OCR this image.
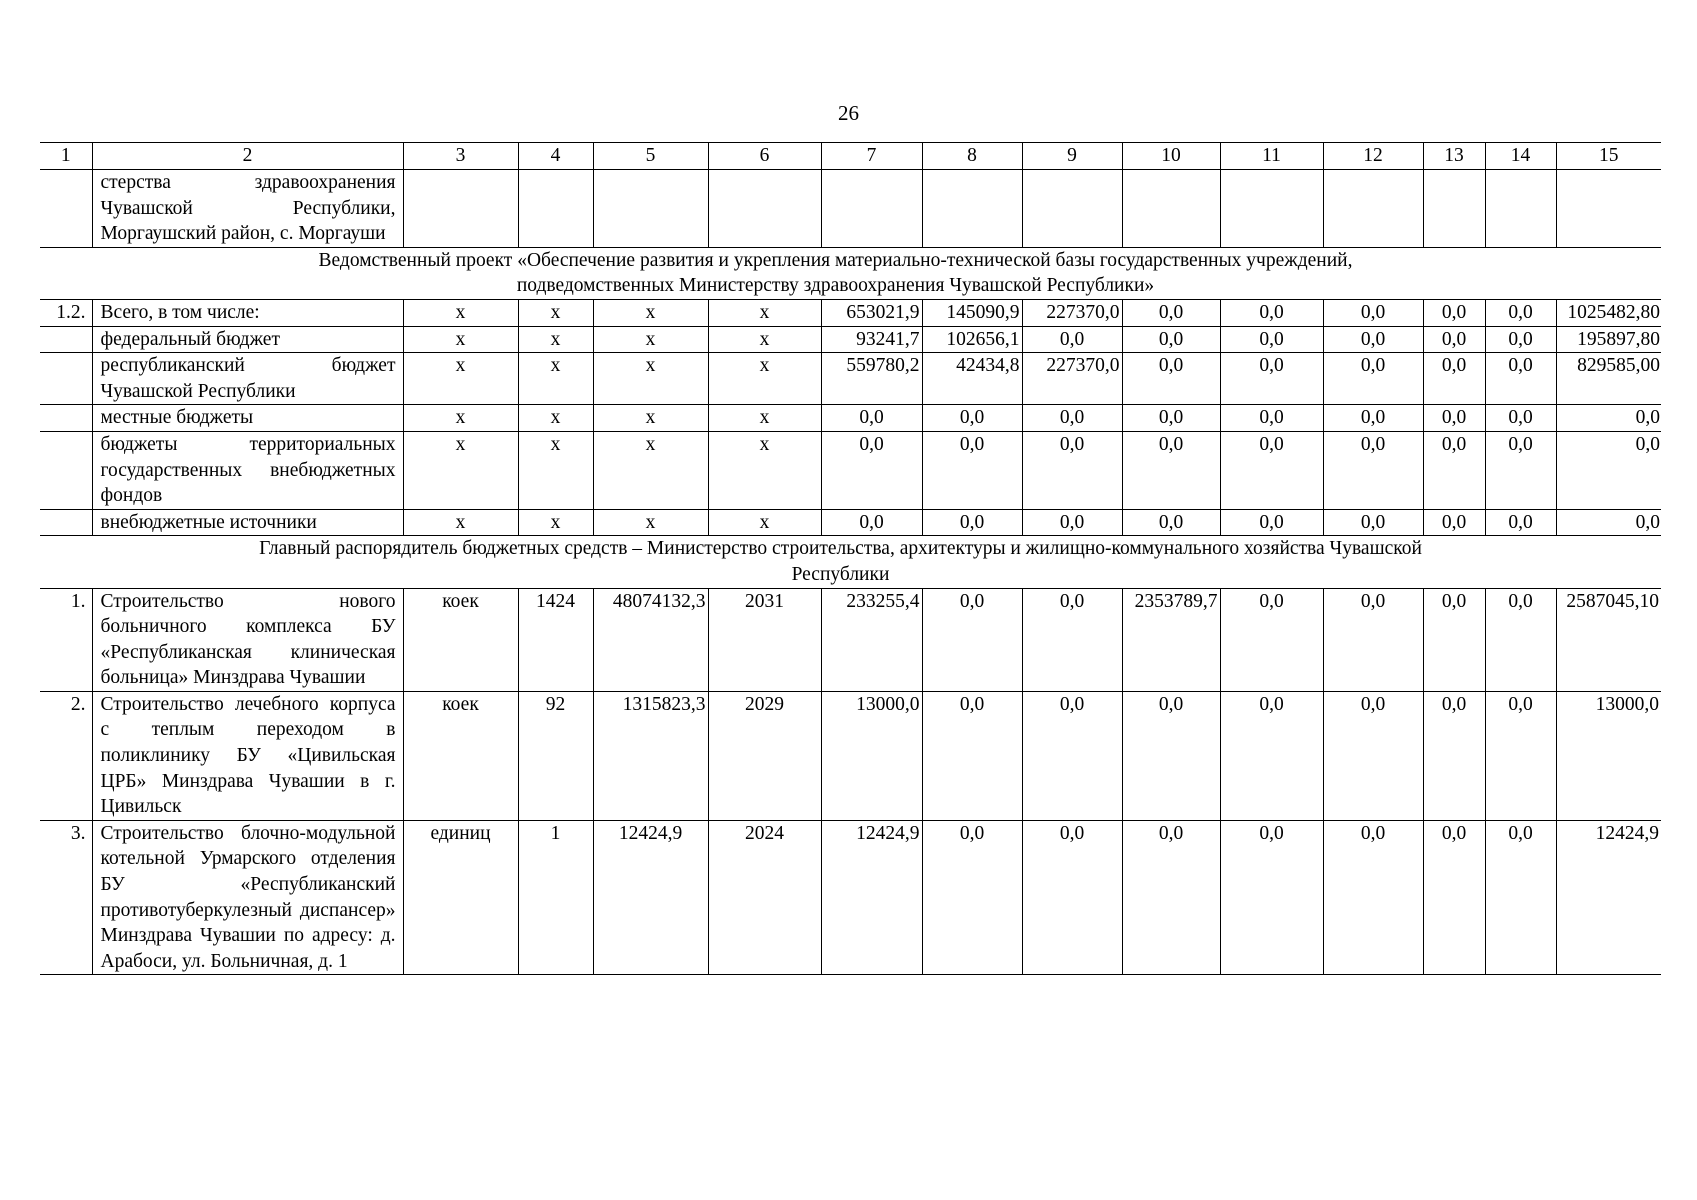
26
1	2	3	4	5	6	7	8	9	10	11	12	13	14	15
	стерства здравоохранения Чувашской Республики, Моргаушский район, с. Моргауши													

Ведомственный проект «Обеспечение развития и укрепления материально-технической базы государственных учреждений, подведомственных Министерству здравоохранения Чувашской Республики»														

1.2.	Всего, в том числе:	х	х	х	х	653021,9	145090,9	227370,0	0,0	0,0	0,0	0,0	0,0	1025482,80
	федеральный бюджет	х	х	х	х	93241,7	102656,1	0,0	0,0	0,0	0,0	0,0	0,0	195897,80
	республиканский бюджет Чувашской Республики	х	х	х	х	559780,2	42434,8	227370,0	0,0	0,0	0,0	0,0	0,0	829585,00
	местные бюджеты	х	х	х	х	0,0	0,0	0,0	0,0	0,0	0,0	0,0	0,0	0,0
	бюджеты территориальных государственных внебюджетных фондов	х	х	х	х	0,0	0,0	0,0	0,0	0,0	0,0	0,0	0,0	0,0
	внебюджетные источники	х	х	х	х	0,0	0,0	0,0	0,0	0,0	0,0	0,0	0,0	0,0

Главный распорядитель бюджетных средств – Министерство строительства, архитектуры и жилищно-коммунального хозяйства Чувашской Республики														

1.	Строительство нового больничного комплекса БУ «Республиканская клиническая больница» Минздрава Чувашии	коек	1424	48074132,3	2031	233255,4	0,0	0,0	2353789,7	0,0	0,0	0,0	0,0	2587045,10
2.	Строительство лечебного корпуса с теплым переходом в поликлинику БУ «Цивильская ЦРБ» Минздрава Чувашии в г. Цивильск	коек	92	1315823,3	2029	13000,0	0,0	0,0	0,0	0,0	0,0	0,0	0,0	13000,0
3.	Строительство блочно-модульной котельной Урмарского отделения БУ «Республиканский противотуберкулезный диспансер» Минздрава Чувашии по адресу: д. Арабоси, ул. Больничная, д. 1	единиц	1	12424,9	2024	12424,9	0,0	0,0	0,0	0,0	0,0	0,0	0,0	12424,9
